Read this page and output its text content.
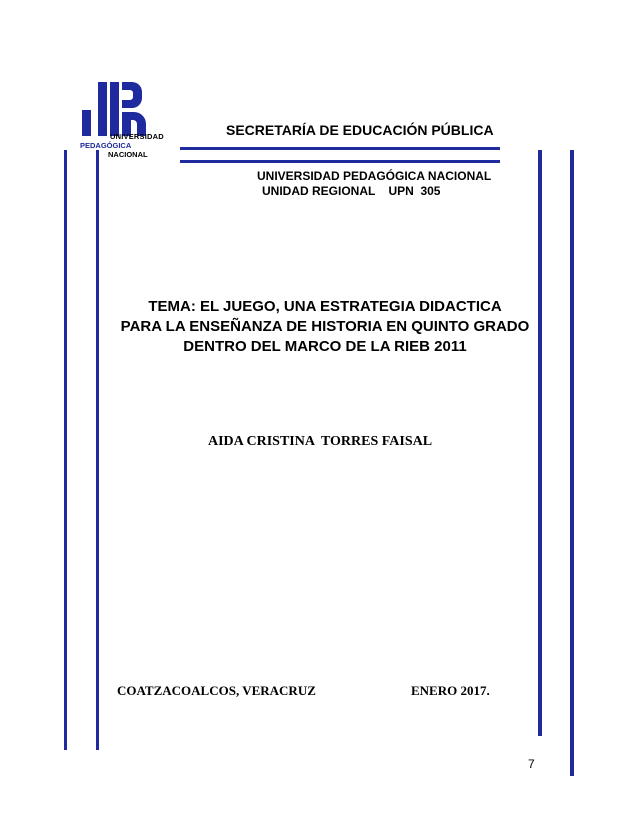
UNIVERSIDAD
PEDAGÓGICA
NACIONAL
SECRETARÍA DE EDUCACIÓN PÚBLICA
UNIVERSIDAD PEDAGÓGICA NACIONAL
UNIDAD REGIONAL    UPN  305
TEMA: EL JUEGO, UNA ESTRATEGIA DIDACTICA
PARA LA ENSEÑANZA DE HISTORIA EN QUINTO GRADO
DENTRO DEL MARCO DE LA RIEB 2011
AIDA CRISTINA  TORRES FAISAL
COATZACOALCOS, VERACRUZ	ENERO 2017.
7
